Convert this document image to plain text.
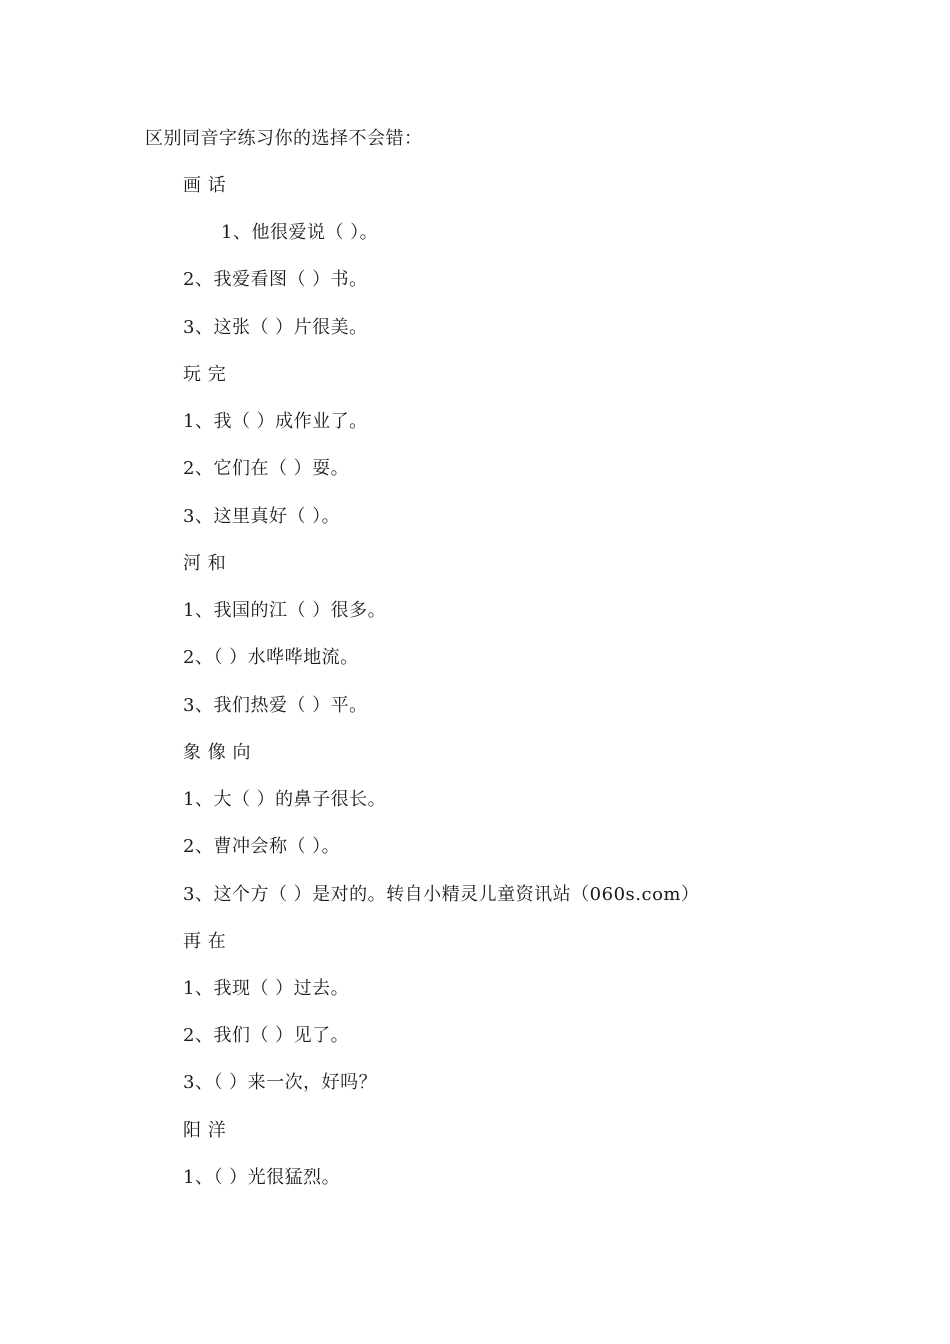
区别同音字练习你的选择不会错：
画 话
1、他很爱说（ ）。
2、我爱看图（ ）书。
3、这张（ ）片很美。
玩 完
1、我（ ）成作业了。
2、它们在（ ）耍。
3、这里真好（ ）。
河 和
1、我国的江（ ）很多。
2、（ ）水哗哗地流。
3、我们热爱（ ）平。
象 像 向
1、大（ ）的鼻子很长。
2、曹冲会称（ ）。
3、这个方（ ）是对的。转自小精灵儿童资讯站（060s.com）
再 在
1、我现（ ）过去。
2、我们（ ）见了。
3、（ ）来一次，好吗？
阳 洋
1、（ ）光很猛烈。
